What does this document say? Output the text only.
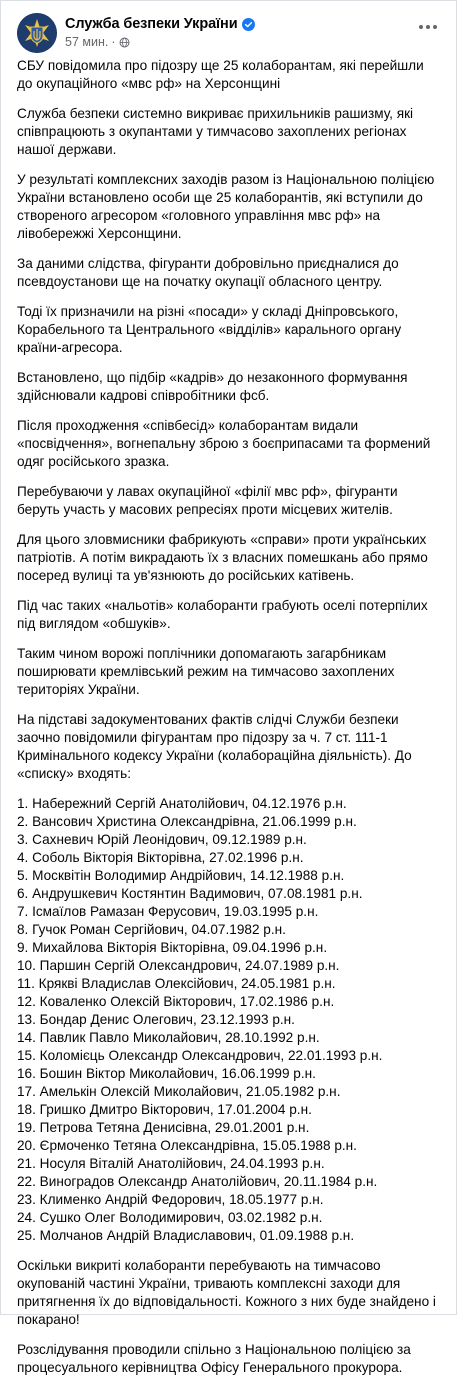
Служба безпеки України
57 мин. ·

СБУ повідомила про підозру ще 25 колаборантам, які перейшли до окупаційного «мвс рф» на Херсонщині

Служба безпеки системно викриває прихильників рашизму, які співпрацюють з окупантами у тимчасово захоплених регіонах нашої держави.

У результаті комплексних заходів разом із Національною поліцією України встановлено особи ще 25 колаборантів, які вступили до створеного агресором «головного управління мвс рф» на лівобережжі Херсонщини.

За даними слідства, фігуранти добровільно приєдналися до псевдоустанови ще на початку окупації обласного центру.

Тоді їх призначили на різні «посади» у складі Дніпровського, Корабельного та Центрального «відділів» карального органу країни-агресора.

Встановлено, що підбір «кадрів» до незаконного формування здійснювали кадрові співробітники фсб.

Після проходження «співбесід» колаборантам видали «посвідчення», вогнепальну зброю з боєприпасами та формений одяг російського зразка.

Перебуваючи у лавах окупаційної «філії мвс рф», фігуранти беруть участь у масових репресіях проти місцевих жителів.

Для цього зловмисники фабрикують «справи» проти українських патріотів. А потім викрадають їх з власних помешкань або прямо посеред вулиці та ув'язнюють до російських катівень.

Під час таких «нальотів» колаборанти грабують оселі потерпілих під виглядом «обшуків».

Таким чином ворожі поплічники допомагають загарбникам поширювати кремлівський режим на тимчасово захоплених територіях України.

На підставі задокументованих фактів слідчі Служби безпеки заочно повідомили фігурантам про підозру за ч. 7 ст. 111-1 Кримінального кодексу України (колабораційна діяльність). До «списку» входять:

1. Набережний Сергій Анатолійович, 04.12.1976 р.н.
2. Вансович Христина Олександрівна, 21.06.1999 р.н.
3. Сахневич Юрій Леонідович, 09.12.1989 р.н.
4. Соболь Вікторія Вікторівна, 27.02.1996 р.н.
5. Москвітін Володимир Андрійович, 14.12.1988 р.н.
6. Андрушкевич Костянтин Вадимович, 07.08.1981 р.н.
7. Ісмаїлов Рамазан Ферусович, 19.03.1995 р.н.
8. Гучок Роман Сергійович, 04.07.1982 р.н.
9. Михайлова Вікторія Вікторівна, 09.04.1996 р.н.
10. Паршин Сергій Олександрович, 24.07.1989 р.н.
11. Крякві Владислав Олексійович, 24.05.1981 р.н.
12. Коваленко Олексій Вікторович, 17.02.1986 р.н.
13. Бондар Денис Олегович, 23.12.1993 р.н.
14. Павлик Павло Миколайович, 28.10.1992 р.н.
15. Коломієць Олександр Олександрович, 22.01.1993 р.н.
16. Бошин Віктор Миколайович, 16.06.1999 р.н.
17. Амелькін Олексій Миколайович, 21.05.1982 р.н.
18. Гришко Дмитро Вікторович, 17.01.2004 р.н.
19. Петрова Тетяна Денисівна, 29.01.2001 р.н.
20. Єрмоченко Тетяна Олександрівна, 15.05.1988 р.н.
21. Носуля Віталій Анатолійович, 24.04.1993 р.н.
22. Виноградов Олександр Анатолійович, 20.11.1984 р.н.
23. Клименко Андрій Федорович, 18.05.1977 р.н.
24. Сушко Олег Володимирович, 03.02.1982 р.н.
25. Молчанов Андрій Владиславович, 01.09.1988 р.н.

Оскільки викриті колаборанти перебувають на тимчасово окупованій частині України, тривають комплексні заходи для притягнення їх до відповідальності. Кожного з них буде знайдено і покарано!

Розслідування проводили спільно з Національною поліцією за процесуального керівництва Офісу Генерального прокурора.
